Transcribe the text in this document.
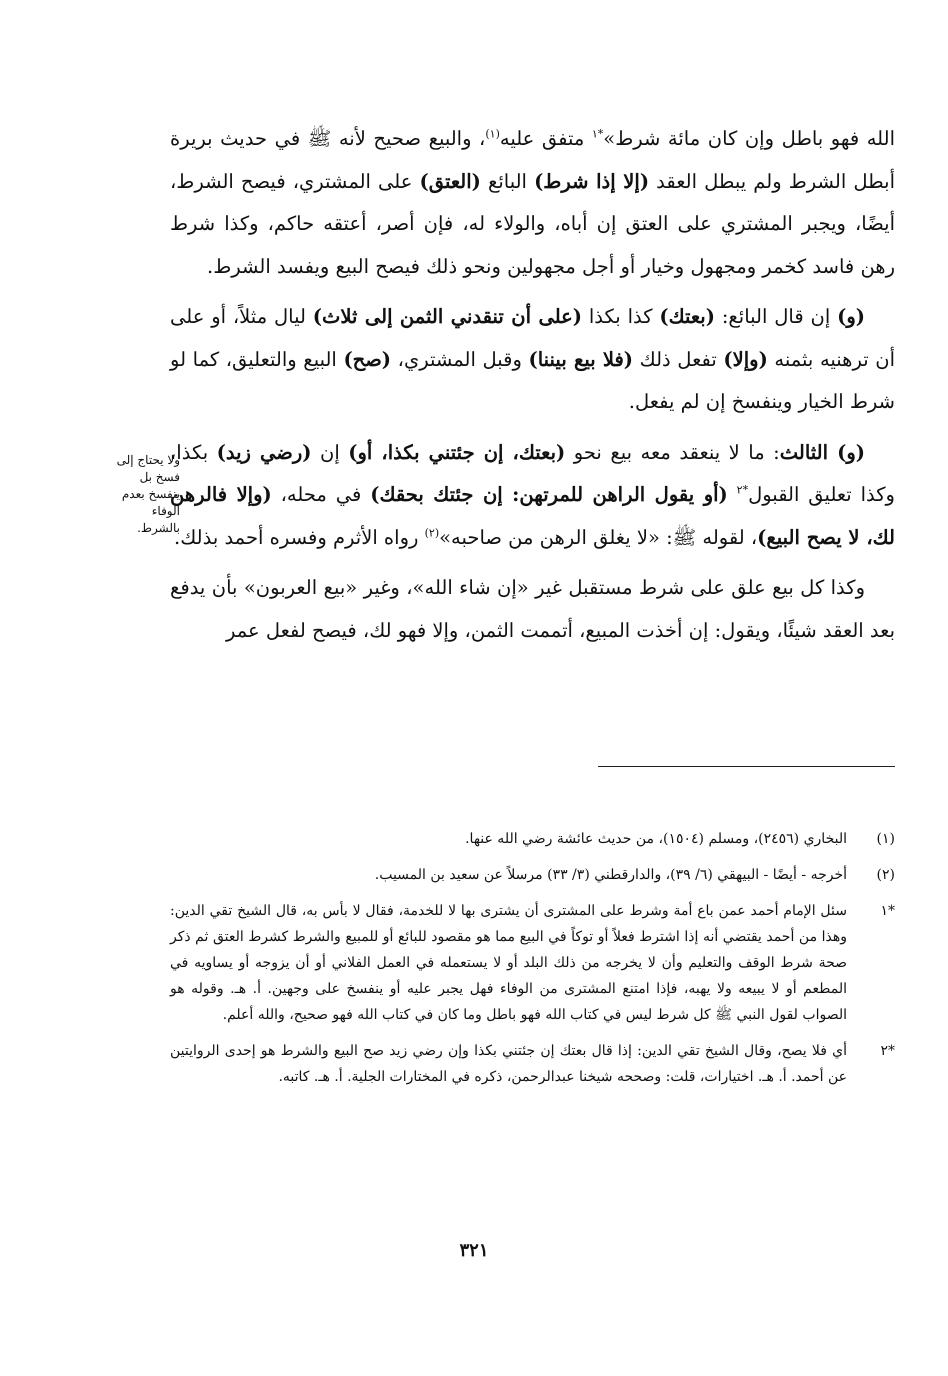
الله فهو باطل وإن كان مائة شرط»$^{*١}$ متفق عليه$^{(١)}$، والبيع صحيح لأنه ﷺ في حديث بريرة أبطل الشرط ولم يبطل العقد (إلا إذا شرط) البائع (العتق) على المشتري، فيصح الشرط، أيضًا، ويجبر المشتري على العتق إن أباه، والولاء له، فإن أصر، أعتقه حاكم، وكذا شرط رهن فاسد كخمر ومجهول وخيار أو أجل مجهولين ونحو ذلك فيصح البيع ويفسد الشرط.

(و) إن قال البائع: (بعتك) كذا بكذا (على أن تنقدني الثمن إلى ثلاث) ليال مثلاً، أو على أن ترهنيه بثمنه (وإلا) تفعل ذلك (فلا بيع بيننا) وقبل المشتري، (صح) البيع والتعليق، كما لو شرط الخيار وينفسخ إن لم يفعل.

(و) الثالث: ما لا ينعقد معه بيع نحو (بعتك، إن جئتني بكذا، أو) إن (رضي زيد) بكذا، وكذا تعليق القبول$^{*٢}$ (أو يقول الراهن للمرتهن: إن جئتك بحقك) في محله، (وإلا فالرهن لك، لا يصح البيع)، لقوله ﷺ: «لا يغلق الرهن من صاحبه»$^{(٢)}$ رواه الأثرم وفسره أحمد بذلك.

وكذا كل بيع علق على شرط مستقبل غير «إن شاء الله»، وغير «بيع العربون» بأن يدفع بعد العقد شيئًا، ويقول: إن أخذت المبيع، أتممت الثمن، وإلا فهو لك، فيصح لفعل عمر

ولا يحتاج إلى
فسخ بل
ينفسخ بعدم
الوفاء
بالشرط.
(١)
البخاري (٢٤٥٦)، ومسلم (١٥٠٤)، من حديث عائشة رضي الله عنها.
(٢)
أخرجه - أيضًا - البيهقي (٦/ ٣٩)، والدارقطني (٣/ ٣٣) مرسلاً عن سعيد بن المسيب.
*١
سئل الإمام أحمد عمن باع أمة وشرط على المشترى أن يشترى بها لا للخدمة، فقال لا بأس به، قال الشيخ تقي الدين: وهذا من أحمد يقتضي أنه إذا اشترط فعلاً أو توكاً في البيع مما هو مقصود للبائع أو للمبيع والشرط كشرط العتق ثم ذكر صحة شرط الوقف والتعليم وأن لا يخرجه من ذلك البلد أو لا يستعمله في العمل الفلاني أو أن يزوجه أو يساويه في المطعم أو لا يبيعه ولا يهبه، فإذا امتنع المشترى من الوفاء فهل يجبر عليه أو ينفسخ على وجهين. أ. هـ. وقوله هو الصواب لقول النبي ﷺ كل شرط ليس في كتاب الله فهو باطل وما كان في كتاب الله فهو صحيح، والله أعلم.
*٢
أي فلا يصح، وقال الشيخ تقي الدين: إذا قال بعتك إن جئتني بكذا وإن رضي زيد صح البيع والشرط هو إحدى الروايتين عن أحمد. أ. هـ. اختيارات، قلت: وصححه شيخنا عبدالرحمن، ذكره في المختارات الجلية. أ. هـ. كاتبه.
٣٢١
